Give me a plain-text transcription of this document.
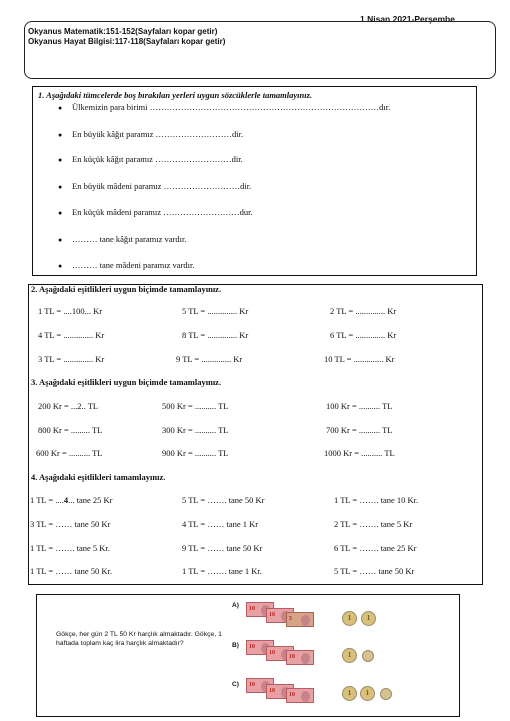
1 Nisan 2021-Perşembe
Okyanus Matematik:151-152(Sayfaları kopar getir)
Okyanus Hayat Bilgisi:117-118(Sayfaları kopar getir)
1. Aşağıdaki tümcelerde boş bırakılan yerleri uygun sözcüklerle tamamlayınız.
● Ülkemizin para birimi ………………………………………………………………………dır.
● En büyük kâğıt paramız ………………………dir.
● En küçük kâğıt paramız ………………………dir.
● En büyük mâdeni paramız ………………………dir.
● En küçük mâdeni paramız ………………………dur.
● ……… tane kâğıt paramız vardır.
● ……… tane mâdeni paramız vardır.
2. Aşağıdaki eşitlikleri uygun biçimde tamamlayınız.
1 TL = ....100... Kr	5 TL = .............. Kr	2 TL = .............. Kr
4 TL = .............. Kr	8 TL = .............. Kr	6 TL = .............. Kr
3 TL = .............. Kr	9 TL = .............. Kr	10 TL = .............. Kr
3. Aşağıdaki eşitlikleri uygun biçimde tamamlayınız.
200 Kr = ...2.. TL	500 Kr = .......... TL	100 Kr = .......... TL
800 Kr = ......... TL	300 Kr = .......... TL	700 Kr = .......... TL
600 Kr = .......... TL	900 Kr = .......... TL	1000 Kr = .......... TL
4. Aşağıdaki eşitlikleri tamamlayınız.
1 TL = ....4... tane 25 Kr	5 TL = ……. tane 50 Kr	1 TL = ……. tane 10 Kr.
3 TL = …… tane 50 Kr	4 TL = …… tane 1 Kr	2 TL = ……. tane 5 Kr
1 TL = ……. tane 5 Kr.	9 TL = …… tane 50 Kr	6 TL = ……. tane 25 Kr
1 TL = …… tane 50 Kr.	1 TL = ……. tane 1 Kr.	5 TL = …… tane 50 Kr
Gökçe, her gün 2 TL 50 Kr harçlık almaktadır. Gökçe, 1 haftada toplam kaç lira harçlık almaktadır?
A) 10
10
5	1	1
B) 10
10
10	1
C) 10
10
10	1	1
